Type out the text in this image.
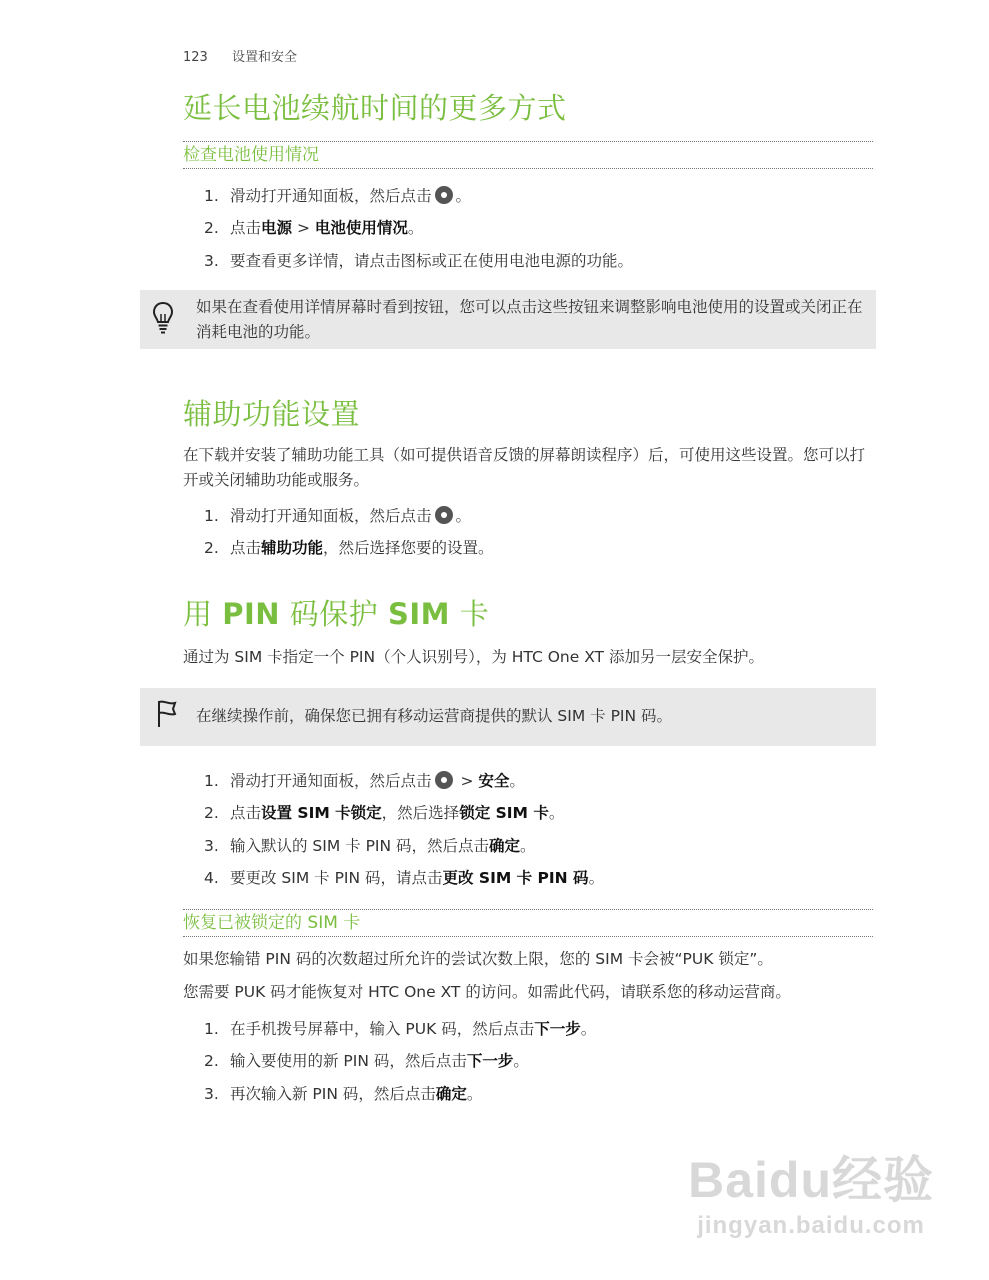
123 设置和安全
延长电池续航时间的更多方式
检查电池使用情况
1. 滑动打开通知面板，然后点击 。
2. 点击电源 > 电池使用情况。
3. 要查看更多详情，请点击图标或正在使用电池电源的功能。
如果在查看使用详情屏幕时看到按钮，您可以点击这些按钮来调整影响电池使用的设置或关闭正在消耗电池的功能。
辅助功能设置

在下载并安装了辅助功能工具（如可提供语音反馈的屏幕朗读程序）后，可使用这些设置。您可以打开或关闭辅助功能或服务。

1. 滑动打开通知面板，然后点击 。
2. 点击辅助功能，然后选择您要的设置。
用 PIN 码保护 SIM 卡

通过为 SIM 卡指定一个 PIN（个人识别号），为 HTC One XT 添加另一层安全保护。

在继续操作前，确保您已拥有移动运营商提供的默认 SIM 卡 PIN 码。
1. 滑动打开通知面板，然后点击 > 安全。
2. 点击设置 SIM 卡锁定，然后选择锁定 SIM 卡。
3. 输入默认的 SIM 卡 PIN 码，然后点击确定。
4. 要更改 SIM 卡 PIN 码，请点击更改 SIM 卡 PIN 码。
恢复已被锁定的 SIM 卡

如果您输错 PIN 码的次数超过所允许的尝试次数上限，您的 SIM 卡会被“PUK 锁定”。

您需要 PUK 码才能恢复对 HTC One XT 的访问。如需此代码，请联系您的移动运营商。

1. 在手机拨号屏幕中，输入 PUK 码，然后点击下一步。
2. 输入要使用的新 PIN 码，然后点击下一步。
3. 再次输入新 PIN 码，然后点击确定。
Baidu经验
jingyan.baidu.com
